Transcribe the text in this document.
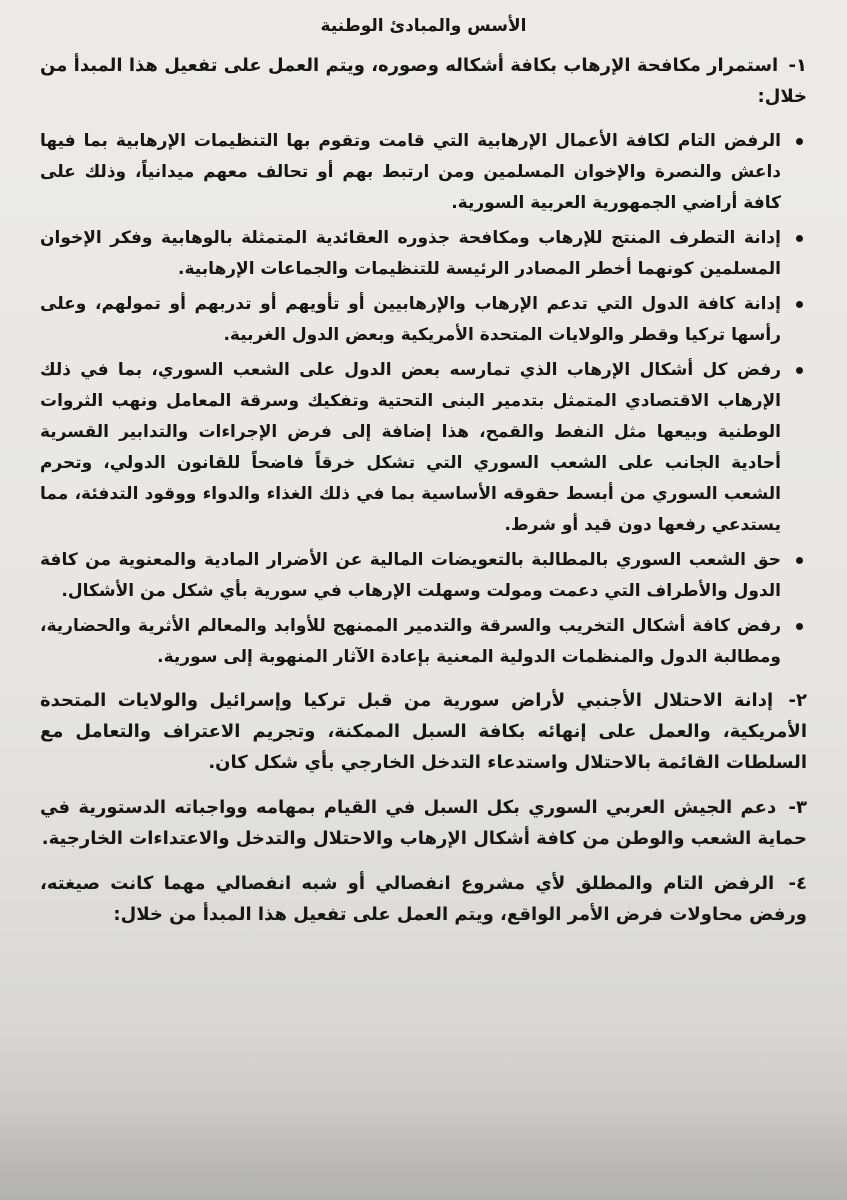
الأسس والمبادئ الوطنية

١- استمرار مكافحة الإرهاب بكافة أشكاله وصوره، ويتم العمل على تفعيل هذا المبدأ من خلال:

الرفض التام لكافة الأعمال الإرهابية التي قامت وتقوم بها التنظيمات الإرهابية بما فيها داعش والنصرة والإخوان المسلمين ومن ارتبط بهم أو تحالف معهم ميدانياً، وذلك على كافة أراضي الجمهورية العربية السورية.
إدانة التطرف المنتج للإرهاب ومكافحة جذوره العقائدية المتمثلة بالوهابية وفكر الإخوان المسلمين كونهما أخطر المصادر الرئيسة للتنظيمات والجماعات الإرهابية.
إدانة كافة الدول التي تدعم الإرهاب والإرهابيين أو تأويهم أو تدربهم أو تمولهم، وعلى رأسها تركيا وقطر والولايات المتحدة الأمريكية وبعض الدول الغربية.
رفض كل أشكال الإرهاب الذي تمارسه بعض الدول على الشعب السوري، بما في ذلك الإرهاب الاقتصادي المتمثل بتدمير البنى التحتية وتفكيك وسرقة المعامل ونهب الثروات الوطنية وبيعها مثل النفط والقمح، هذا إضافة إلى فرض الإجراءات والتدابير القسرية أحادية الجانب على الشعب السوري التي تشكل خرقاً فاضحاً للقانون الدولي، وتحرم الشعب السوري من أبسط حقوقه الأساسية بما في ذلك الغذاء والدواء ووقود التدفئة، مما يستدعي رفعها دون قيد أو شرط.
حق الشعب السوري بالمطالبة بالتعويضات المالية عن الأضرار المادية والمعنوية من كافة الدول والأطراف التي دعمت ومولت وسهلت الإرهاب في سورية بأي شكل من الأشكال.
رفض كافة أشكال التخريب والسرقة والتدمير الممنهج للأوابد والمعالم الأثرية والحضارية، ومطالبة الدول والمنظمات الدولية المعنية بإعادة الآثار المنهوبة إلى سورية.

٢- إدانة الاحتلال الأجنبي لأراض سورية من قبل تركيا وإسرائيل والولايات المتحدة الأمريكية، والعمل على إنهائه بكافة السبل الممكنة، وتجريم الاعتراف والتعامل مع السلطات القائمة بالاحتلال واستدعاء التدخل الخارجي بأي شكل كان.

٣- دعم الجيش العربي السوري بكل السبل في القيام بمهامه وواجباته الدستورية في حماية الشعب والوطن من كافة أشكال الإرهاب والاحتلال والتدخل والاعتداءات الخارجية.

٤- الرفض التام والمطلق لأي مشروع انفصالي أو شبه انفصالي مهما كانت صيغته، ورفض محاولات فرض الأمر الواقع، ويتم العمل على تفعيل هذا المبدأ من خلال:
